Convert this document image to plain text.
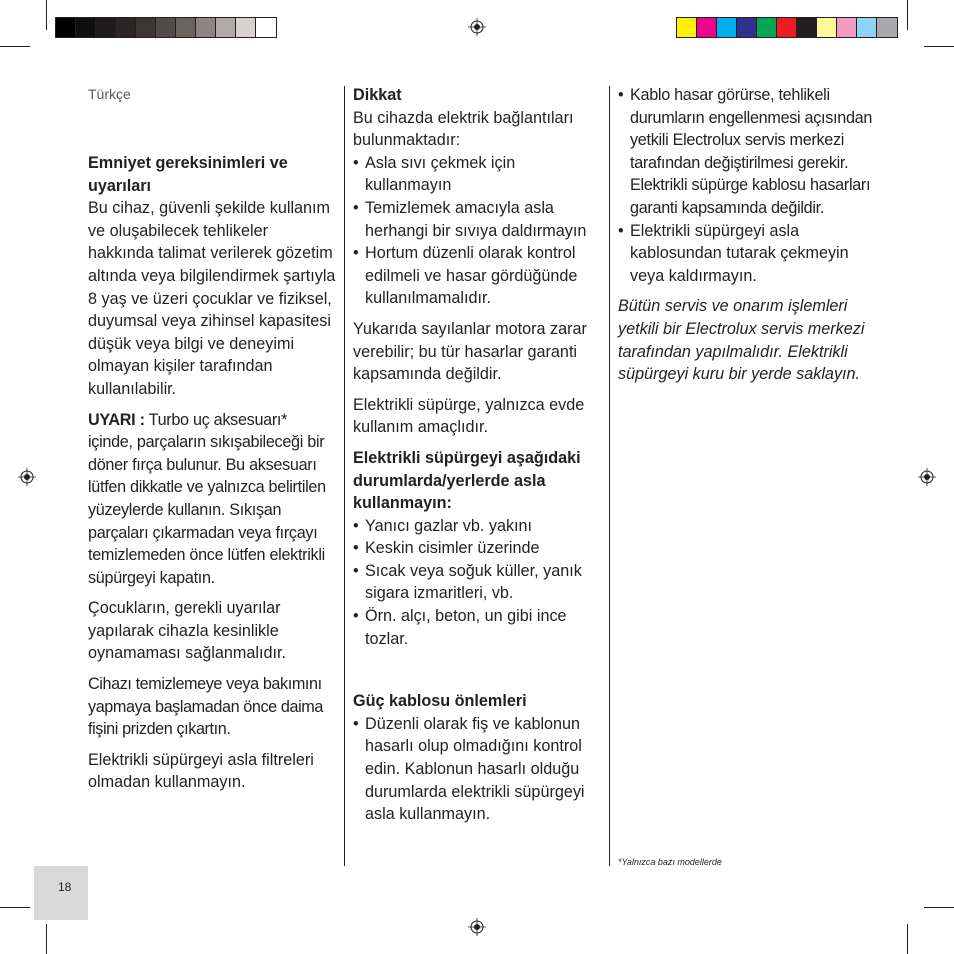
Türkçe

Emniyet gereksinimleri ve uyarıları

Bu cihaz, güvenli şekilde kullanım ve oluşabilecek tehlikeler hakkında talimat verilerek gözetim altında veya bilgilendirmek şartıyla 8 yaş ve üzeri çocuklar ve fiziksel, duyumsal veya zihinsel kapasitesi düşük veya bilgi ve deneyimi olmayan kişiler tarafından kullanılabilir.

UYARI : Turbo uç aksesuarı* içinde, parçaların sıkışabileceği bir döner fırça bulunur. Bu aksesuarı lütfen dikkatle ve yalnızca belirtilen yüzeylerde kullanın. Sıkışan parçaları çıkarmadan veya fırçayı temizlemeden önce lütfen elektrikli süpürgeyi kapatın.

Çocukların, gerekli uyarılar yapılarak cihazla kesinlikle oynamaması sağlanmalıdır.

Cihazı temizlemeye veya bakımını yapmaya başlamadan önce daima fişini prizden çıkartın.

Elektrikli süpürgeyi asla filtreleri olmadan kullanmayın.

Dikkat

Bu cihazda elektrik bağlantıları bulunmaktadır:

• Asla sıvı çekmek için kullanmayın
• Temizlemek amacıyla asla herhangi bir sıvıya daldırmayın
• Hortum düzenli olarak kontrol edilmeli ve hasar gördüğünde kullanılmamalıdır.

Yukarıda sayılanlar motora zarar verebilir; bu tür hasarlar garanti kapsamında değildir.

Elektrikli süpürge, yalnızca evde kullanım amaçlıdır.

Elektrikli süpürgeyi aşağıdaki durumlarda/yerlerde asla kullanmayın:

• Yanıcı gazlar vb. yakını
• Keskin cisimler üzerinde
• Sıcak veya soğuk küller, yanık sigara izmaritleri, vb.
• Örn. alçı, beton, un gibi ince tozlar.

Güç kablosu önlemleri

• Düzenli olarak fiş ve kablonun hasarlı olup olmadığını kontrol edin. Kablonun hasarlı olduğu durumlarda elektrikli süpürgeyi asla kullanmayın.
• Kablo hasar görürse, tehlikeli durumların engellenmesi açısından yetkili Electrolux servis merkezi tarafından değiştirilmesi gerekir. Elektrikli süpürge kablosu hasarları garanti kapsamında değildir.
• Elektrikli süpürgeyi asla kablosundan tutarak çekmeyin veya kaldırmayın.

Bütün servis ve onarım işlemleri yetkili bir Electrolux servis merkezi tarafından yapılmalıdır. Elektrikli süpürgeyi kuru bir yerde saklayın.

*Yalnızca bazı modellerde
18
